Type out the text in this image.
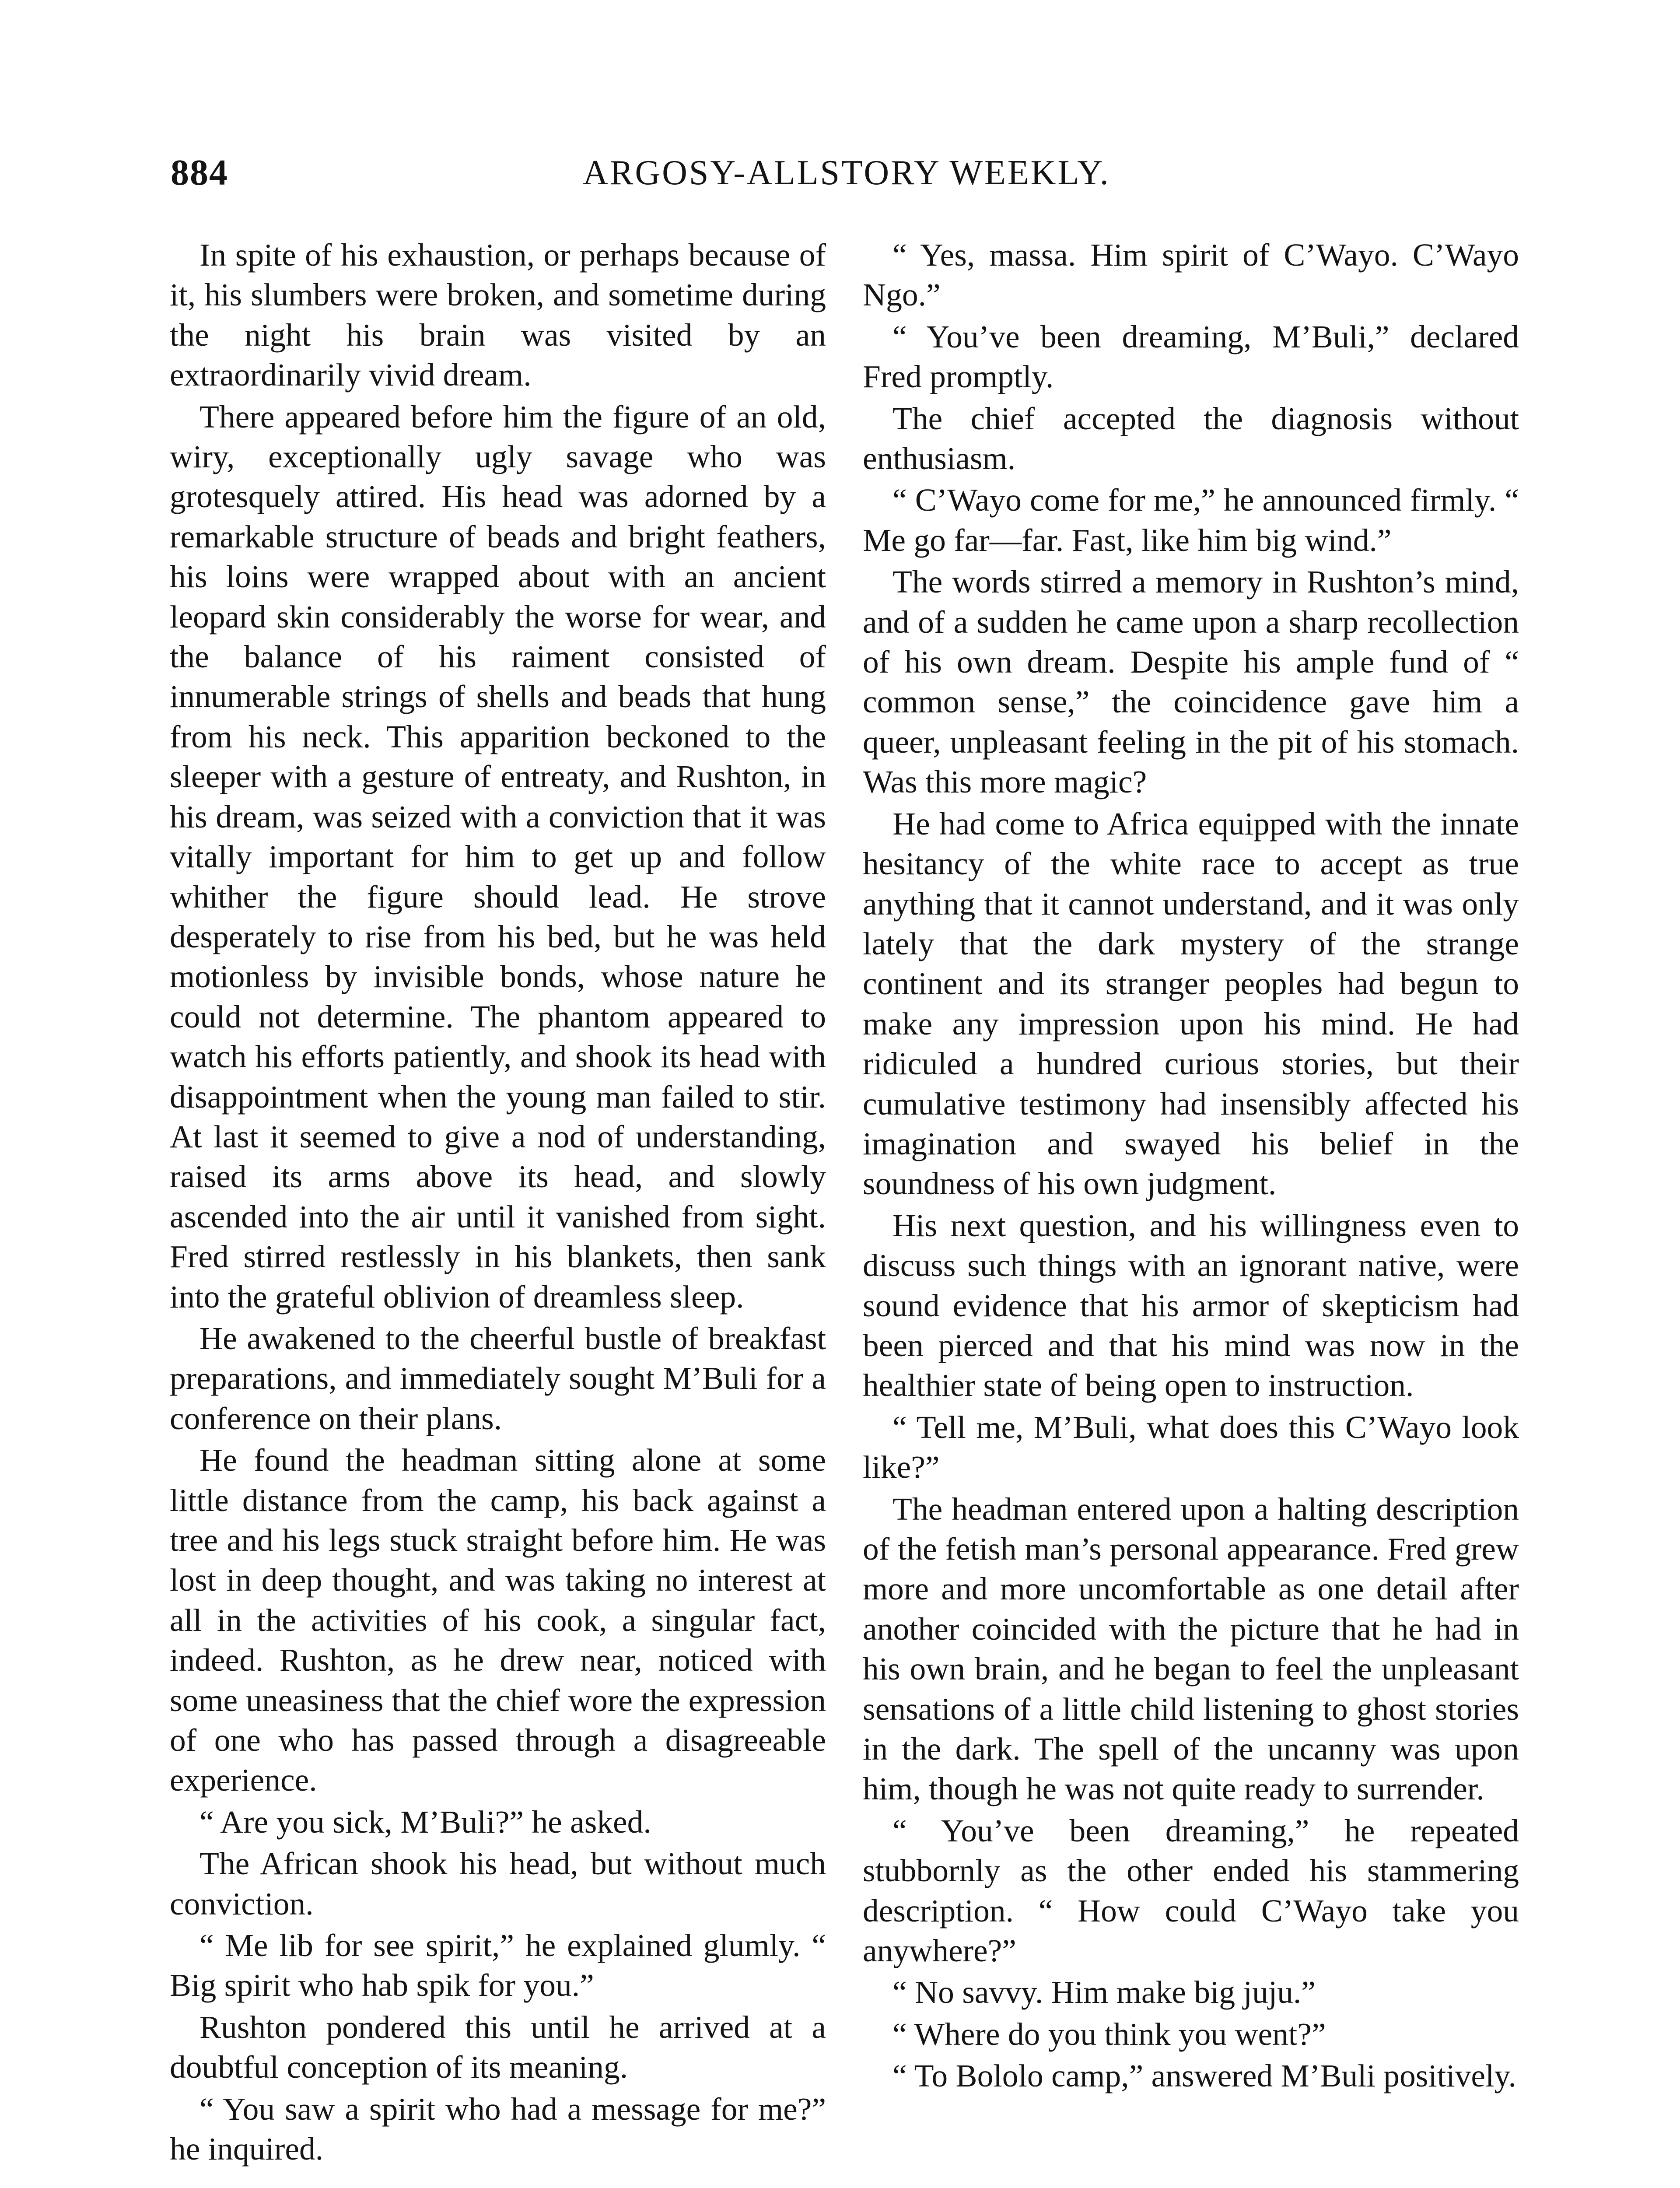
884	ARGOSY-ALLSTORY WEEKLY.

In spite of his exhaustion, or perhaps because of it, his slumbers were broken, and sometime during the night his brain was visited by an extraordinarily vivid dream.

There appeared before him the figure of an old, wiry, exceptionally ugly savage who was grotesquely attired. His head was adorned by a remarkable structure of beads and bright feathers, his loins were wrapped about with an ancient leopard skin considerably the worse for wear, and the balance of his raiment consisted of innumerable strings of shells and beads that hung from his neck. This apparition beckoned to the sleeper with a gesture of entreaty, and Rushton, in his dream, was seized with a conviction that it was vitally important for him to get up and follow whither the figure should lead. He strove desperately to rise from his bed, but he was held motionless by invisible bonds, whose nature he could not determine. The phantom appeared to watch his efforts patiently, and shook its head with disappointment when the young man failed to stir. At last it seemed to give a nod of understanding, raised its arms above its head, and slowly ascended into the air until it vanished from sight. Fred stirred restlessly in his blankets, then sank into the grateful oblivion of dreamless sleep.

He awakened to the cheerful bustle of breakfast preparations, and immediately sought M’Buli for a conference on their plans.

He found the headman sitting alone at some little distance from the camp, his back against a tree and his legs stuck straight before him. He was lost in deep thought, and was taking no interest at all in the activities of his cook, a singular fact, indeed. Rushton, as he drew near, noticed with some uneasiness that the chief wore the expression of one who has passed through a disagreeable experience.

“ Are you sick, M’Buli?” he asked.

The African shook his head, but without much conviction.

“ Me lib for see spirit,” he explained glumly. “ Big spirit who hab spik for you.”

Rushton pondered this until he arrived at a doubtful conception of its meaning.

“ You saw a spirit who had a message for me?” he inquired.

“ Yes, massa. Him spirit of C’Wayo. C’Wayo Ngo.”

“ You’ve been dreaming, M’Buli,” declared Fred promptly.

The chief accepted the diagnosis without enthusiasm.

“ C’Wayo come for me,” he announced firmly. “ Me go far—far. Fast, like him big wind.”

The words stirred a memory in Rushton’s mind, and of a sudden he came upon a sharp recollection of his own dream. Despite his ample fund of “ common sense,” the coincidence gave him a queer, unpleasant feeling in the pit of his stomach. Was this more magic?

He had come to Africa equipped with the innate hesitancy of the white race to accept as true anything that it cannot understand, and it was only lately that the dark mystery of the strange continent and its stranger peoples had begun to make any impression upon his mind. He had ridiculed a hundred curious stories, but their cumulative testimony had insensibly affected his imagination and swayed his belief in the soundness of his own judgment.

His next question, and his willingness even to discuss such things with an ignorant native, were sound evidence that his armor of skepticism had been pierced and that his mind was now in the healthier state of being open to instruction.

“ Tell me, M’Buli, what does this C’Wayo look like?”

The headman entered upon a halting description of the fetish man’s personal appearance. Fred grew more and more uncomfortable as one detail after another coincided with the picture that he had in his own brain, and he began to feel the unpleasant sensations of a little child listening to ghost stories in the dark. The spell of the uncanny was upon him, though he was not quite ready to surrender.

“ You’ve been dreaming,” he repeated stubbornly as the other ended his stammering description. “ How could C’Wayo take you anywhere?”

“ No savvy. Him make big juju.”

“ Where do you think you went?”

“ To Bololo camp,” answered M’Buli positively.
